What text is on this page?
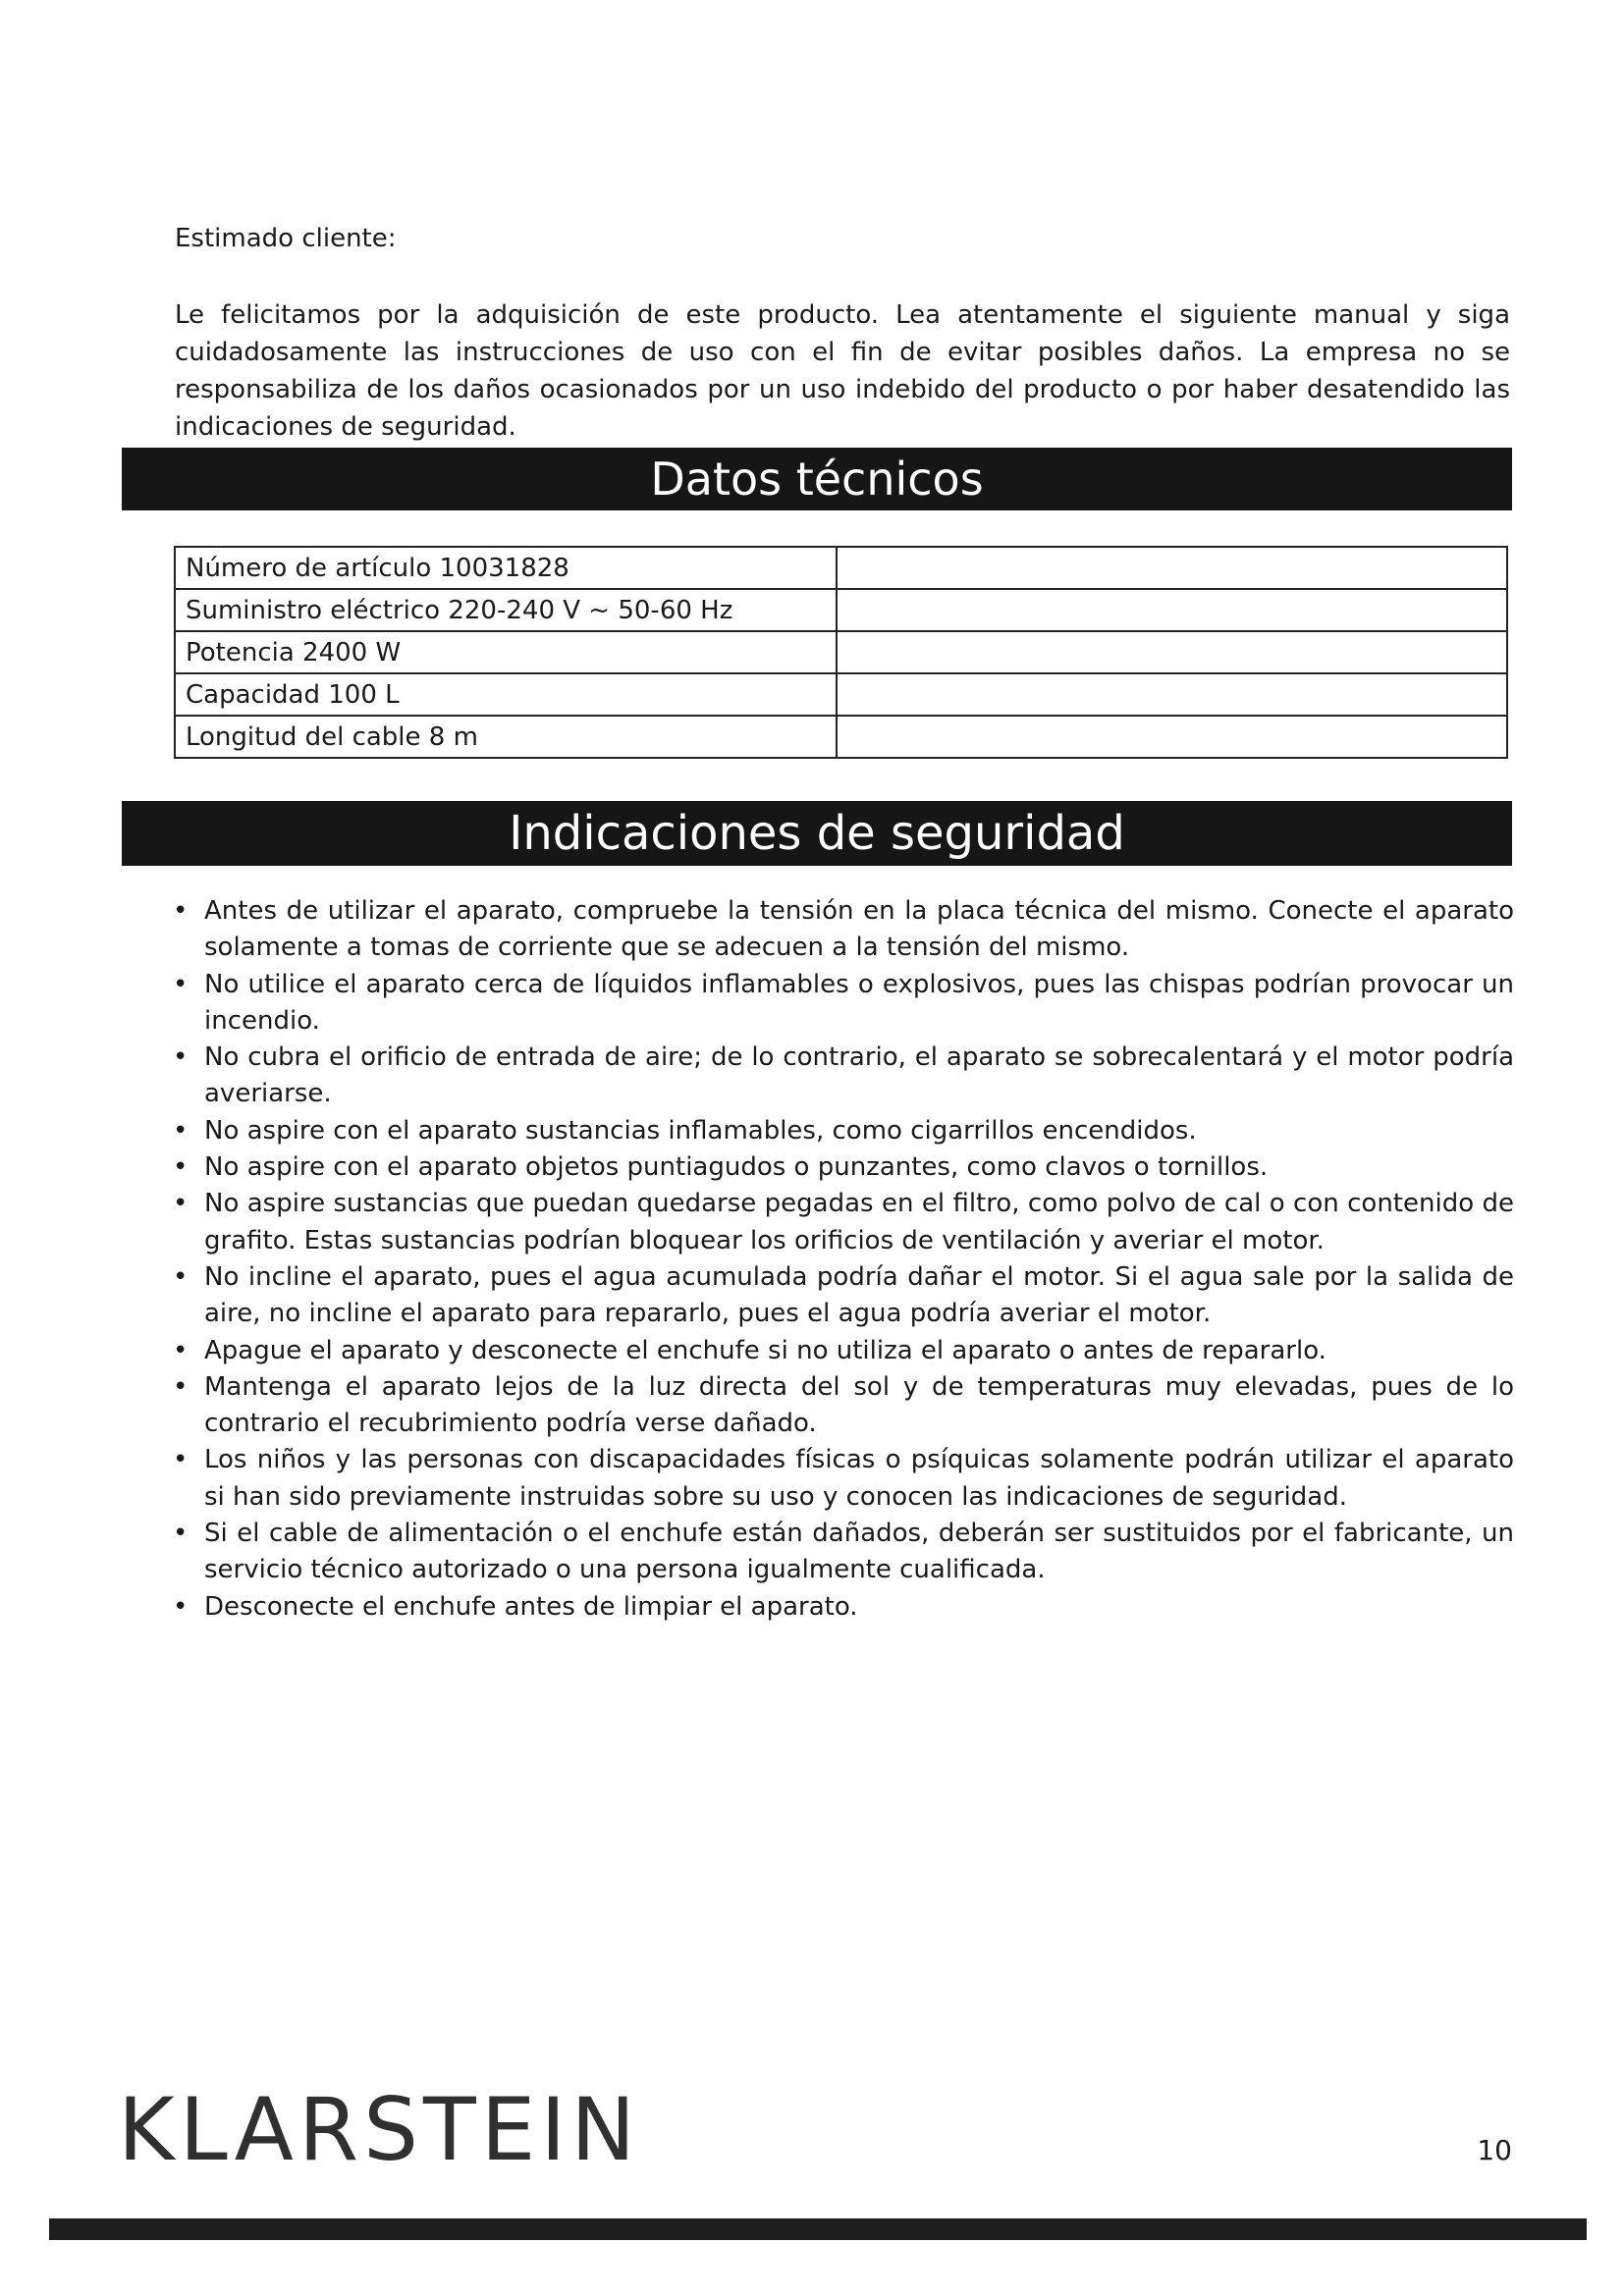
Estimado cliente:
Le felicitamos por la adquisición de este producto. Lea atentamente el siguiente manual y siga cuidadosamente las instrucciones de uso con el fin de evitar posibles daños. La empresa no se responsabiliza de los daños ocasionados por un uso indebido del producto o por haber desatendido las indicaciones de seguridad.
Datos técnicos
Número de artículo 10031828	
Suministro eléctrico 220-240 V ~ 50-60 Hz	
Potencia 2400 W	
Capacidad 100 L	
Longitud del cable 8 m	
Indicaciones de seguridad
• Antes de utilizar el aparato, compruebe la tensión en la placa técnica del mismo. Conecte el aparato solamente a tomas de corriente que se adecuen a la tensión del mismo.
• No utilice el aparato cerca de líquidos inflamables o explosivos, pues las chispas podrían provocar un incendio.
• No cubra el orificio de entrada de aire; de lo contrario, el aparato se sobrecalentará y el motor podría averiarse.
• No aspire con el aparato sustancias inflamables, como cigarrillos encendidos.
• No aspire con el aparato objetos puntiagudos o punzantes, como clavos o tornillos.
• No aspire sustancias que puedan quedarse pegadas en el filtro, como polvo de cal o con contenido de grafito. Estas sustancias podrían bloquear los orificios de ventilación y averiar el motor.
• No incline el aparato, pues el agua acumulada podría dañar el motor. Si el agua sale por la salida de aire, no incline el aparato para repararlo, pues el agua podría averiar el motor.
• Apague el aparato y desconecte el enchufe si no utiliza el aparato o antes de repararlo.
• Mantenga el aparato lejos de la luz directa del sol y de temperaturas muy elevadas, pues de lo contrario el recubrimiento podría verse dañado.
• Los niños y las personas con discapacidades físicas o psíquicas solamente podrán utilizar el aparato si han sido previamente instruidas sobre su uso y conocen las indicaciones de seguridad.
• Si el cable de alimentación o el enchufe están dañados, deberán ser sustituidos por el fabricante, un servicio técnico autorizado o una persona igualmente cualificada.
• Desconecte el enchufe antes de limpiar el aparato.
KLARSTEIN	10
